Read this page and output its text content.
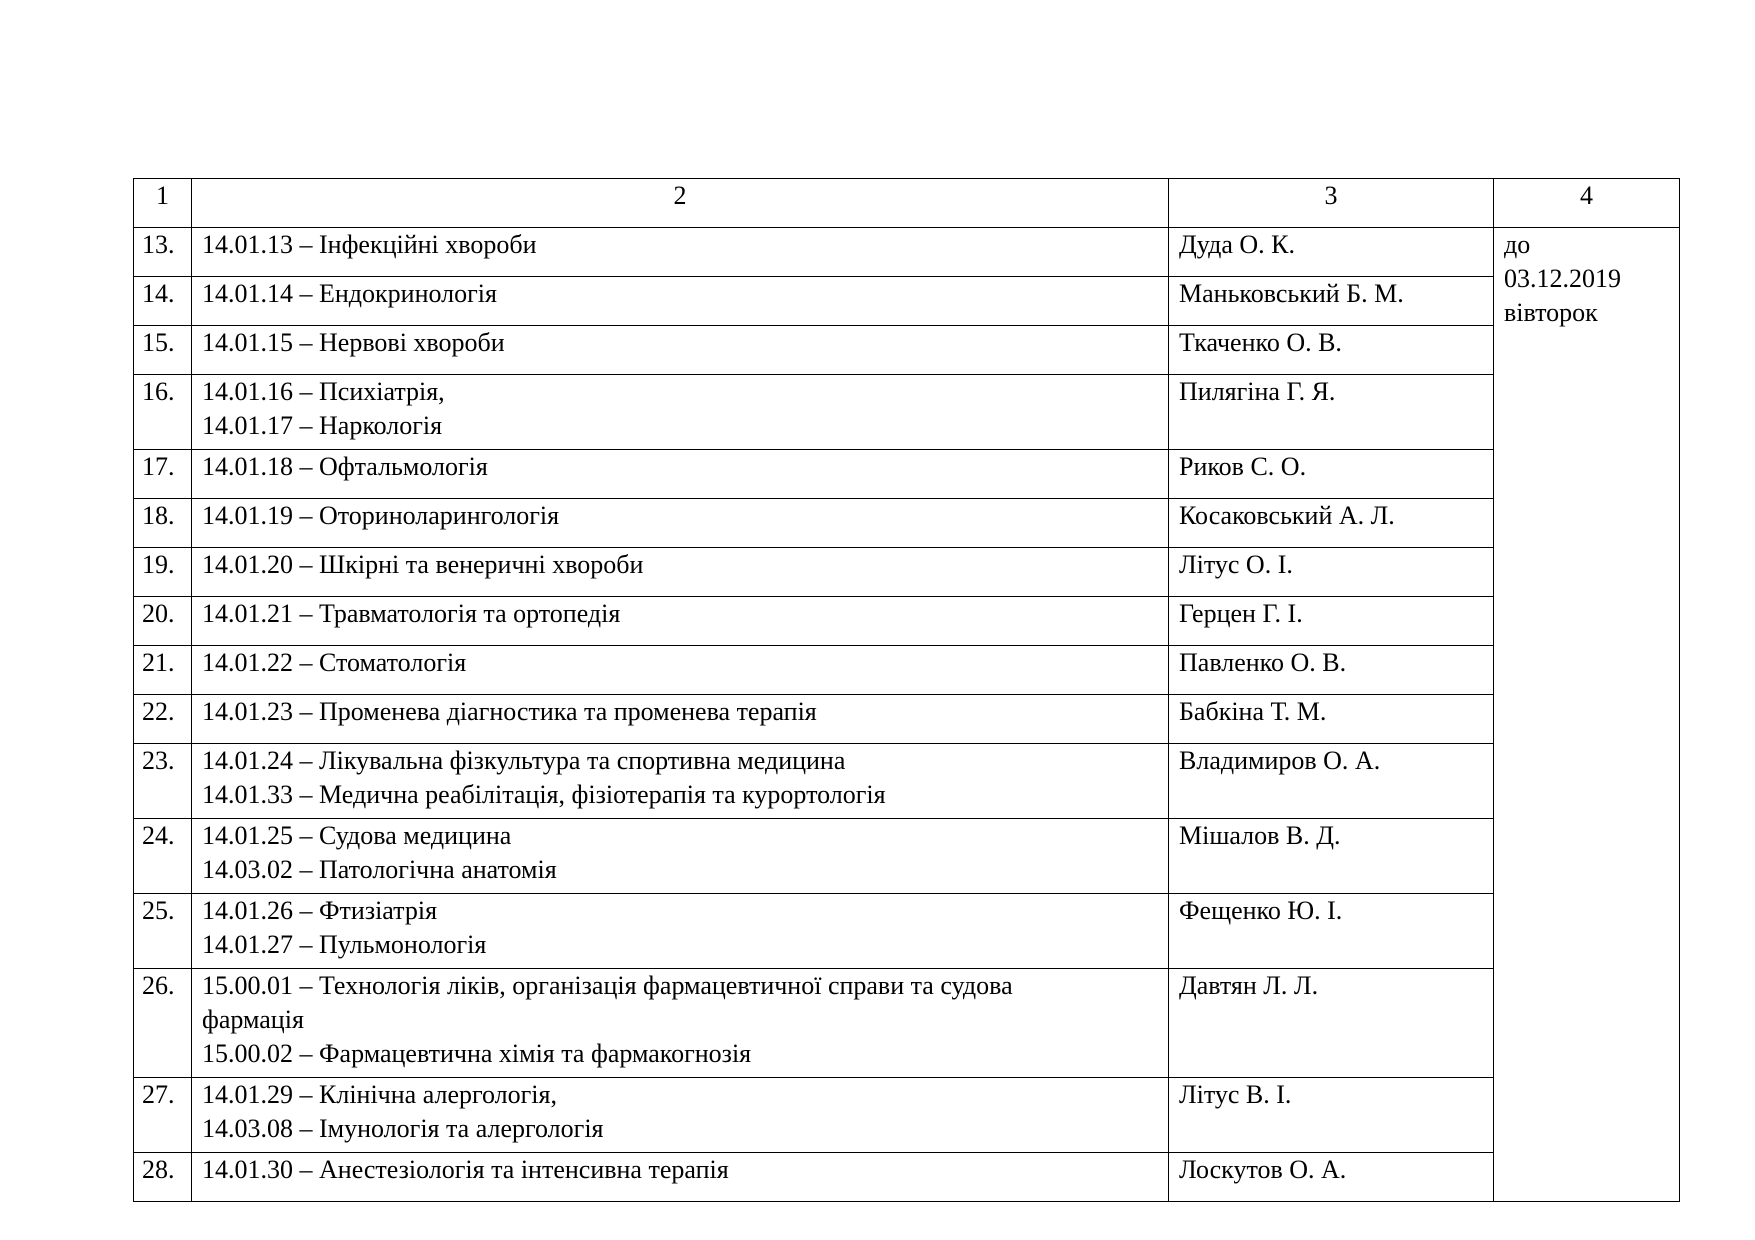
1	2	3	4
13.	14.01.13 – Інфекційні хвороби	Дуда О. К.	до
03.12.2019
вівторок

14.	14.01.14 – Ендокринологія	Маньковський Б. М.	
15.	14.01.15 – Нервові хвороби	Ткаченко О. В.	
16.	14.01.16 – Психіатрія,
14.01.17 – Наркологія	Пилягіна Г. Я.	
17.	14.01.18 – Офтальмологія	Риков С. О.	
18.	14.01.19 – Оториноларингологія	Косаковський А. Л.	
19.	14.01.20 – Шкірні та венеричні хвороби	Літус О. І.	
20.	14.01.21 – Травматологія та ортопедія	Герцен Г. І.	
21.	14.01.22 – Стоматологія	Павленко О. В.	
22.	14.01.23 – Променева діагностика та променева терапія	Бабкіна Т. М.	
23.	14.01.24 – Лікувальна фізкультура та спортивна медицина
14.01.33 – Медична реабілітація, фізіотерапія та курортологія	Владимиров О. А.	
24.	14.01.25 – Судова медицина
14.03.02 – Патологічна анатомія	Мішалов В. Д.	
25.	14.01.26 – Фтизіатрія
14.01.27 – Пульмонологія	Фещенко Ю. І.	
26.	15.00.01 – Технологія ліків, організація фармацевтичної справи та судова
фармація
15.00.02 – Фармацевтична хімія та фармакогнозія	Давтян Л. Л.	
27.	14.01.29 – Клінічна алергологія,
14.03.08 – Імунологія та алергологія	Літус В. І.	
28.	14.01.30 – Анестезіологія та інтенсивна терапія	Лоскутов О. А.	
